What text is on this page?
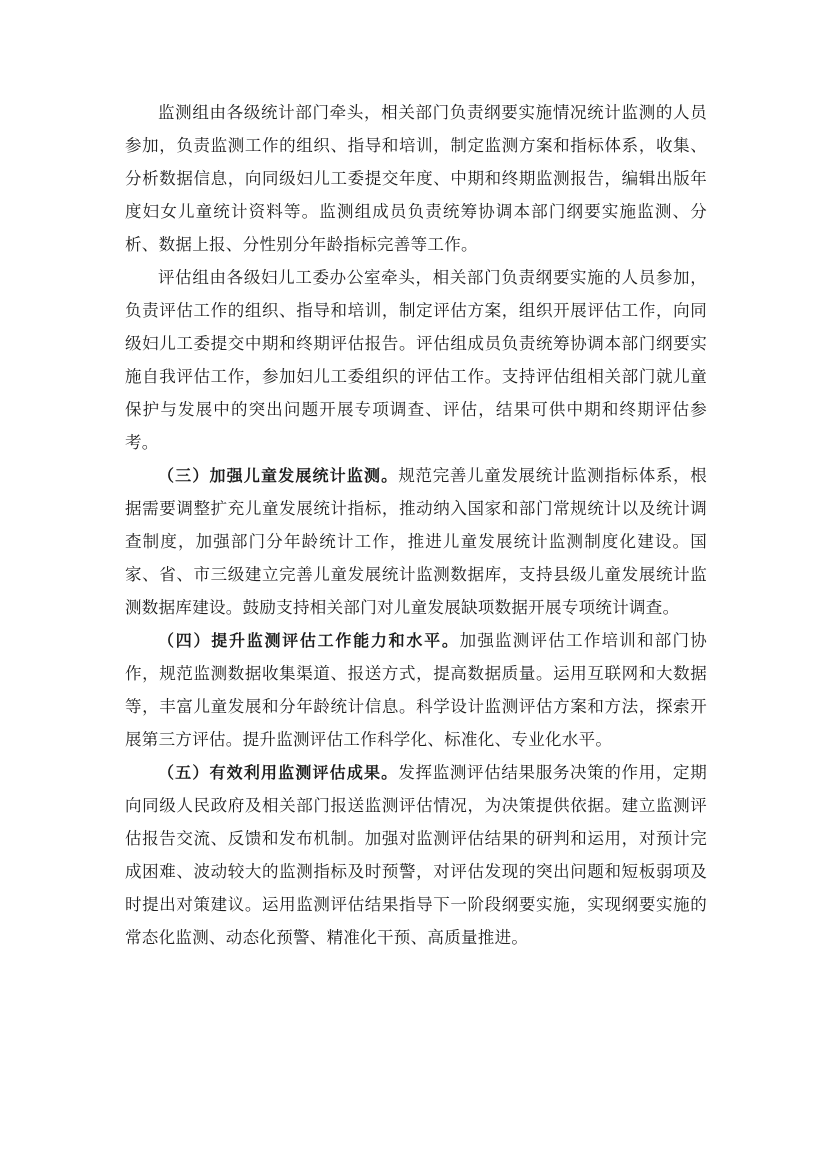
监测组由各级统计部门牵头，相关部门负责纲要实施情况统计监测的人员参加，负责监测工作的组织、指导和培训，制定监测方案和指标体系，收集、分析数据信息，向同级妇儿工委提交年度、中期和终期监测报告，编辑出版年度妇女儿童统计资料等。监测组成员负责统筹协调本部门纲要实施监测、分析、数据上报、分性别分年龄指标完善等工作。

评估组由各级妇儿工委办公室牵头，相关部门负责纲要实施的人员参加，负责评估工作的组织、指导和培训，制定评估方案，组织开展评估工作，向同级妇儿工委提交中期和终期评估报告。评估组成员负责统筹协调本部门纲要实施自我评估工作，参加妇儿工委组织的评估工作。支持评估组相关部门就儿童保护与发展中的突出问题开展专项调查、评估，结果可供中期和终期评估参考。

（三）加强儿童发展统计监测。规范完善儿童发展统计监测指标体系，根据需要调整扩充儿童发展统计指标，推动纳入国家和部门常规统计以及统计调查制度，加强部门分年龄统计工作，推进儿童发展统计监测制度化建设。国家、省、市三级建立完善儿童发展统计监测数据库，支持县级儿童发展统计监测数据库建设。鼓励支持相关部门对儿童发展缺项数据开展专项统计调查。

（四）提升监测评估工作能力和水平。加强监测评估工作培训和部门协作，规范监测数据收集渠道、报送方式，提高数据质量。运用互联网和大数据等，丰富儿童发展和分年龄统计信息。科学设计监测评估方案和方法，探索开展第三方评估。提升监测评估工作科学化、标准化、专业化水平。

（五）有效利用监测评估成果。发挥监测评估结果服务决策的作用，定期向同级人民政府及相关部门报送监测评估情况，为决策提供依据。建立监测评估报告交流、反馈和发布机制。加强对监测评估结果的研判和运用，对预计完成困难、波动较大的监测指标及时预警，对评估发现的突出问题和短板弱项及时提出对策建议。运用监测评估结果指导下一阶段纲要实施，实现纲要实施的常态化监测、动态化预警、精准化干预、高质量推进。
